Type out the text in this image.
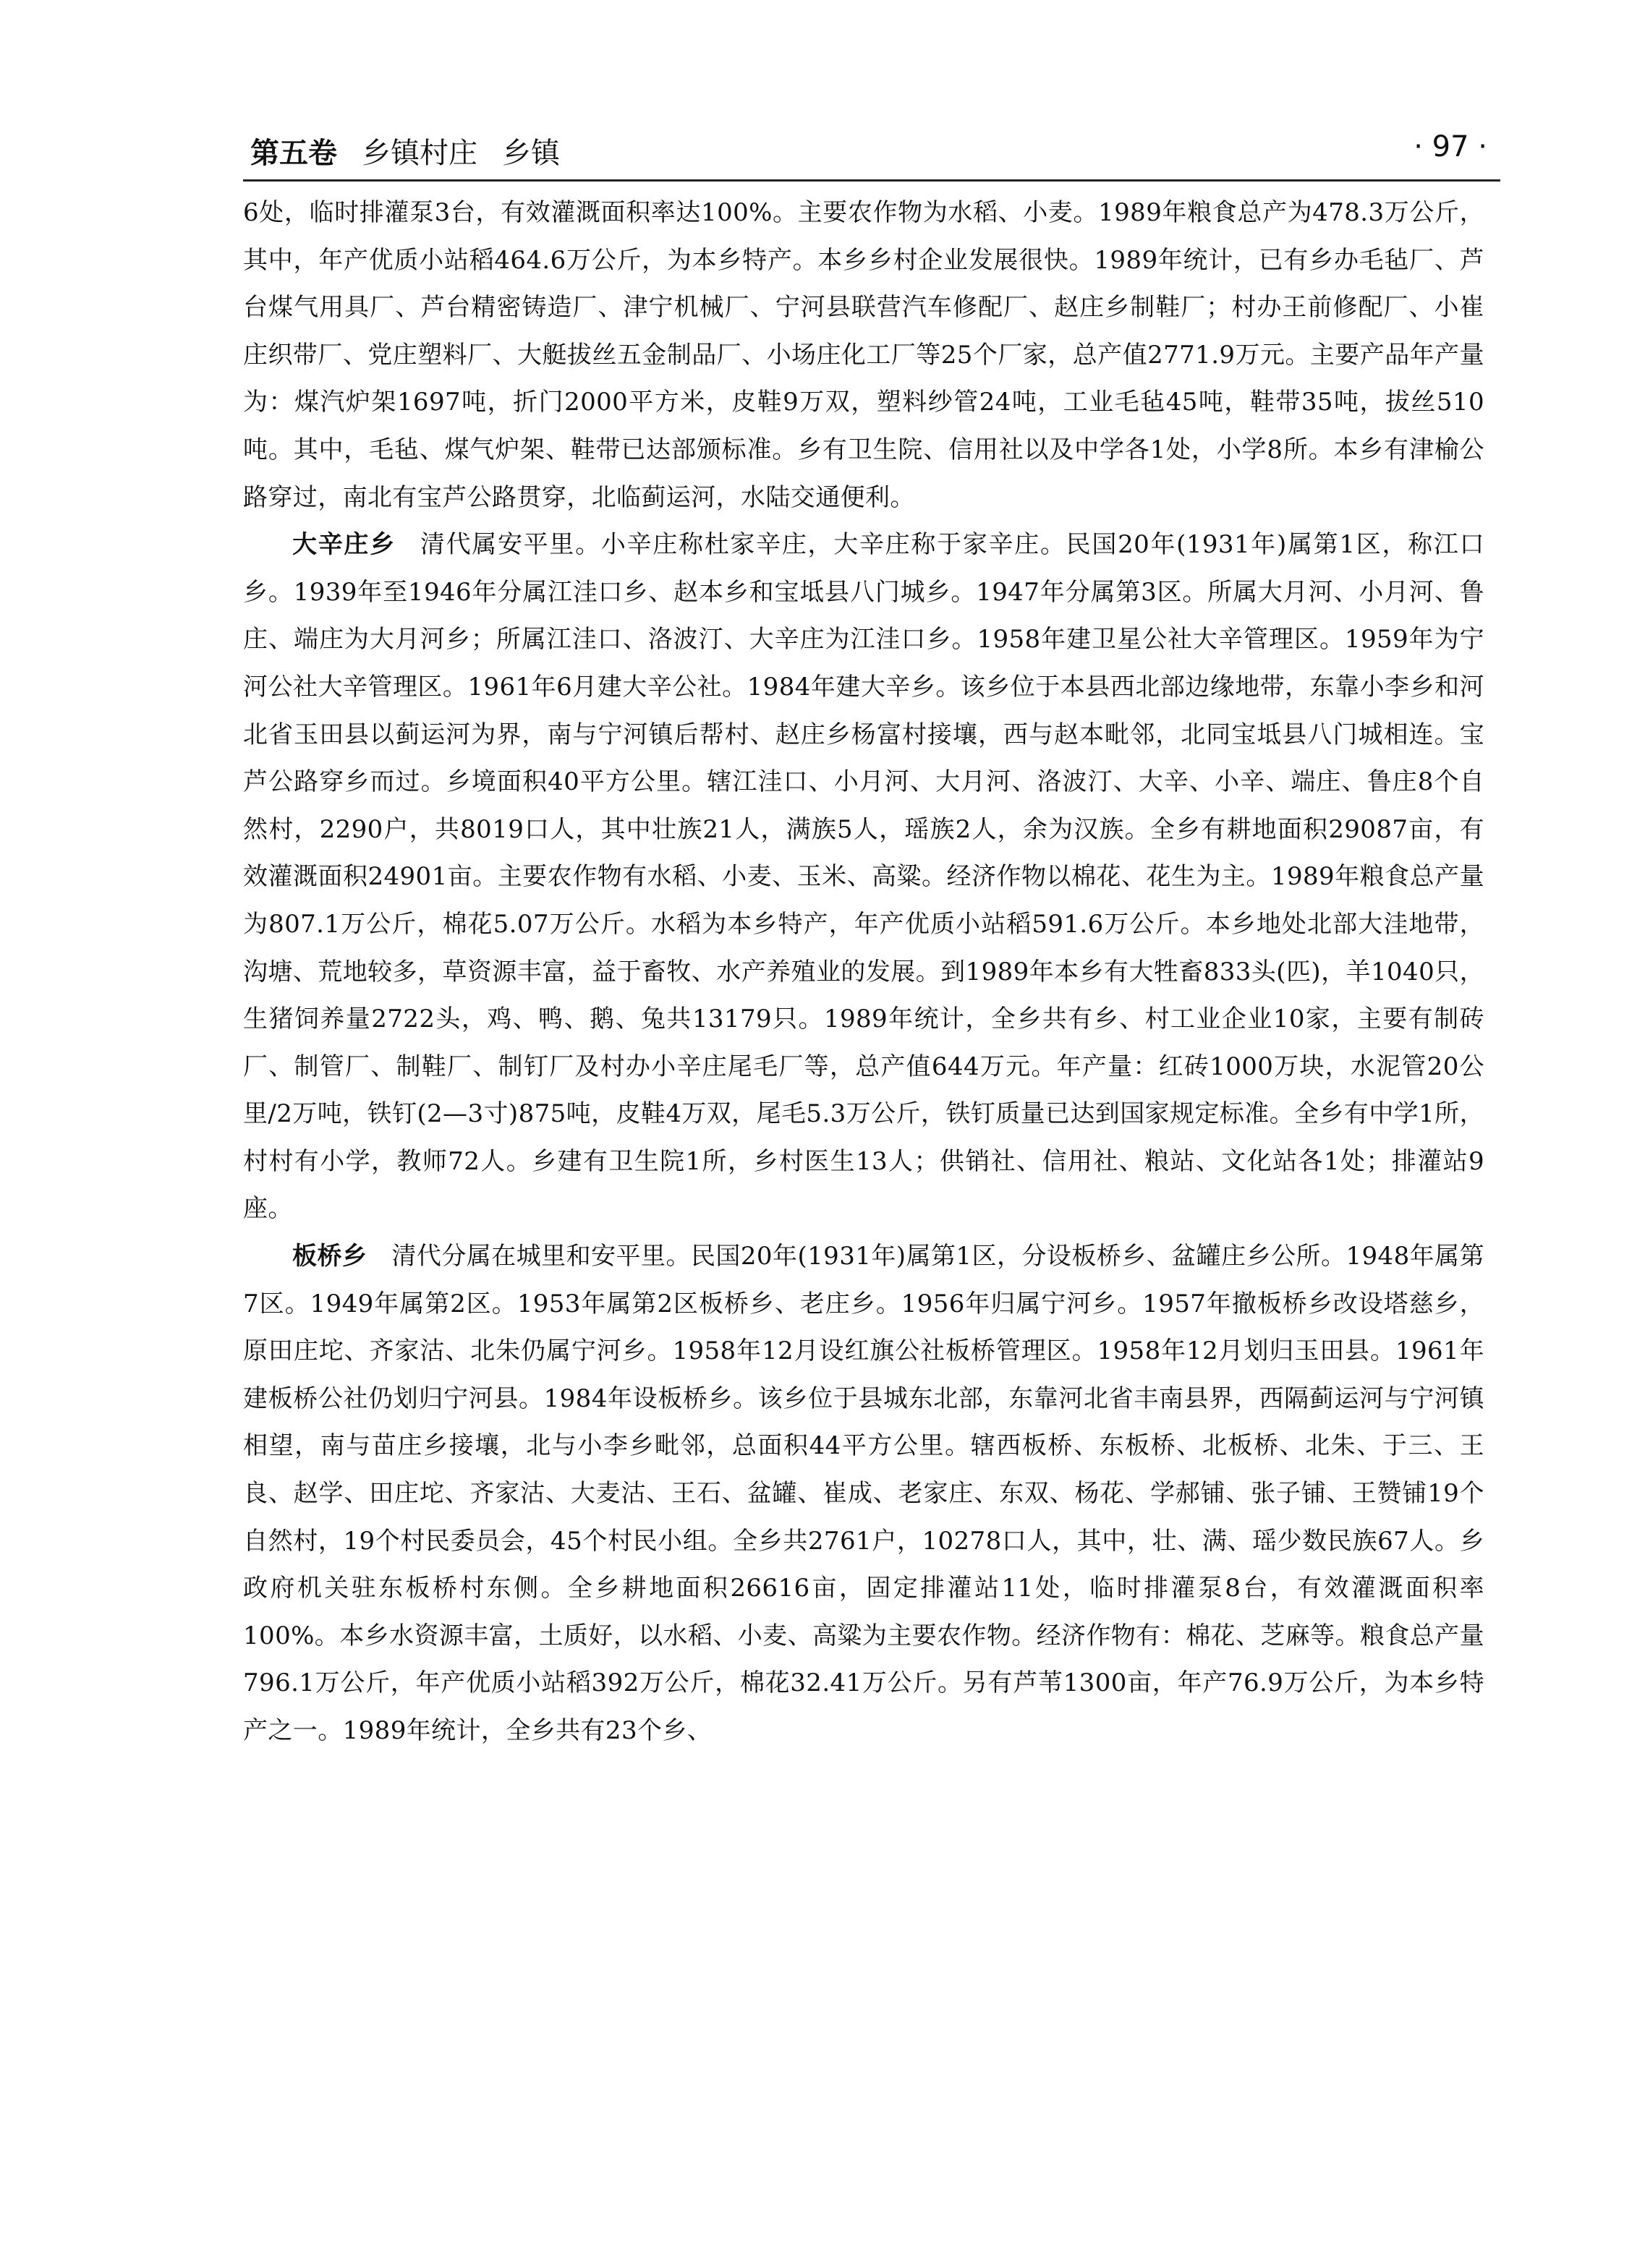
第五卷 乡镇村庄 乡镇	· 97 ·

6处，临时排灌泵3台，有效灌溉面积率达100%。主要农作物为水稻、小麦。1989年粮食总产为478.3万公斤，其中，年产优质小站稻464.6万公斤，为本乡特产。本乡乡村企业发展很快。1989年统计，已有乡办毛毡厂、芦台煤气用具厂、芦台精密铸造厂、津宁机械厂、宁河县联营汽车修配厂、赵庄乡制鞋厂；村办王前修配厂、小崔庄织带厂、党庄塑料厂、大艇拔丝五金制品厂、小场庄化工厂等25个厂家，总产值2771.9万元。主要产品年产量为：煤汽炉架1697吨，折门2000平方米，皮鞋9万双，塑料纱管24吨，工业毛毡45吨，鞋带35吨，拔丝510吨。其中，毛毡、煤气炉架、鞋带已达部颁标准。乡有卫生院、信用社以及中学各1处，小学8所。本乡有津榆公路穿过，南北有宝芦公路贯穿，北临蓟运河，水陆交通便利。

大辛庄乡 清代属安平里。小辛庄称杜家辛庄，大辛庄称于家辛庄。民国20年(1931年)属第1区，称江口乡。1939年至1946年分属江洼口乡、赵本乡和宝坻县八门城乡。1947年分属第3区。所属大月河、小月河、鲁庄、端庄为大月河乡；所属江洼口、洛波汀、大辛庄为江洼口乡。1958年建卫星公社大辛管理区。1959年为宁河公社大辛管理区。1961年6月建大辛公社。1984年建大辛乡。该乡位于本县西北部边缘地带，东靠小李乡和河北省玉田县以蓟运河为界，南与宁河镇后帮村、赵庄乡杨富村接壤，西与赵本毗邻，北同宝坻县八门城相连。宝芦公路穿乡而过。乡境面积40平方公里。辖江洼口、小月河、大月河、洛波汀、大辛、小辛、端庄、鲁庄8个自然村，2290户，共8019口人，其中壮族21人，满族5人，瑶族2人，余为汉族。全乡有耕地面积29087亩，有效灌溉面积24901亩。主要农作物有水稻、小麦、玉米、高粱。经济作物以棉花、花生为主。1989年粮食总产量为807.1万公斤，棉花5.07万公斤。水稻为本乡特产，年产优质小站稻591.6万公斤。本乡地处北部大洼地带，沟塘、荒地较多，草资源丰富，益于畜牧、水产养殖业的发展。到1989年本乡有大牲畜833头(匹)，羊1040只，生猪饲养量2722头，鸡、鸭、鹅、兔共13179只。1989年统计，全乡共有乡、村工业企业10家，主要有制砖厂、制管厂、制鞋厂、制钉厂及村办小辛庄尾毛厂等，总产值644万元。年产量：红砖1000万块，水泥管20公里/2万吨，铁钉(2—3寸)875吨，皮鞋4万双，尾毛5.3万公斤，铁钉质量已达到国家规定标准。全乡有中学1所，村村有小学，教师72人。乡建有卫生院1所，乡村医生13人；供销社、信用社、粮站、文化站各1处；排灌站9座。

板桥乡 清代分属在城里和安平里。民国20年(1931年)属第1区，分设板桥乡、盆罐庄乡公所。1948年属第7区。1949年属第2区。1953年属第2区板桥乡、老庄乡。1956年归属宁河乡。1957年撤板桥乡改设塔慈乡，原田庄坨、齐家沽、北朱仍属宁河乡。1958年12月设红旗公社板桥管理区。1958年12月划归玉田县。1961年建板桥公社仍划归宁河县。1984年设板桥乡。该乡位于县城东北部，东靠河北省丰南县界，西隔蓟运河与宁河镇相望，南与苗庄乡接壤，北与小李乡毗邻，总面积44平方公里。辖西板桥、东板桥、北板桥、北朱、于三、王良、赵学、田庄坨、齐家沽、大麦沽、王石、盆罐、崔成、老家庄、东双、杨花、学郝铺、张子铺、王赞铺19个自然村，19个村民委员会，45个村民小组。全乡共2761户，10278口人，其中，壮、满、瑶少数民族67人。乡政府机关驻东板桥村东侧。全乡耕地面积26616亩，固定排灌站11处，临时排灌泵8台，有效灌溉面积率100%。本乡水资源丰富，土质好，以水稻、小麦、高粱为主要农作物。经济作物有：棉花、芝麻等。粮食总产量796.1万公斤，年产优质小站稻392万公斤，棉花32.41万公斤。另有芦苇1300亩，年产76.9万公斤，为本乡特产之一。1989年统计，全乡共有23个乡、
